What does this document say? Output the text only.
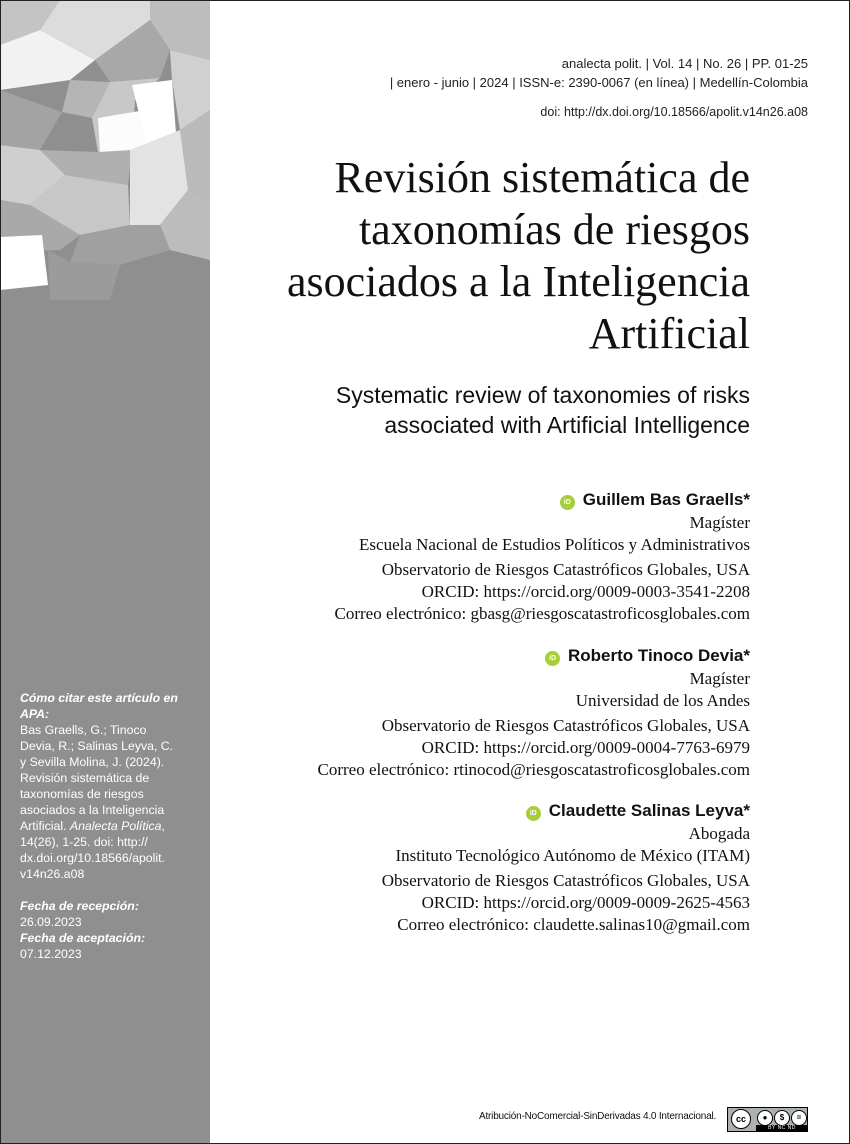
Cómo citar este artículo en APA:

Bas Graells, G.; Tinoco
Devia, R.; Salinas Leyva, C.
y Sevilla Molina, J. (2024).
Revisión sistemática de
taxonomías de riesgos
asociados a la Inteligencia
Artificial. Analecta Política,
14(26), 1-25. doi: http://
dx.doi.org/10.18566/apolit.
v14n26.a08

Fecha de recepción:

26.09.2023

Fecha de aceptación:

07.12.2023

analecta polit. | Vol. 14 | No. 26 | PP. 01-25
| enero - junio | 2024 | ISSN-e: 2390-0067 (en línea) | Medellín-Colombia
doi: http://dx.doi.org/10.18566/apolit.v14n26.a08
Revisión sistemática de
taxonomías de riesgos
asociados a la Inteligencia
Artificial
Systematic review of taxonomies of risks
associated with Artificial Intelligence
iD Guillem Bas Graells*
Magíster
Escuela Nacional de Estudios Políticos y Administrativos
Observatorio de Riesgos Catastróficos Globales, USA
ORCID: https://orcid.org/0009-0003-3541-2208
Correo electrónico: gbasg@riesgoscatastroficosglobales.com
iD Roberto Tinoco Devia*
Magíster
Universidad de los Andes
Observatorio de Riesgos Catastróficos Globales, USA
ORCID: https://orcid.org/0009-0004-7763-6979
Correo electrónico: rtinocod@riesgoscatastroficosglobales.com
iD Claudette Salinas Leyva*
Abogada
Instituto Tecnológico Autónomo de México (ITAM)
Observatorio de Riesgos Catastróficos Globales, USA
ORCID: https://orcid.org/0009-0009-2625-4563
Correo electrónico: claudette.salinas10@gmail.com
Atribución-NoComercial-SinDerivadas 4.0 Internacional.	cc	●	$	=
BY NC ND
